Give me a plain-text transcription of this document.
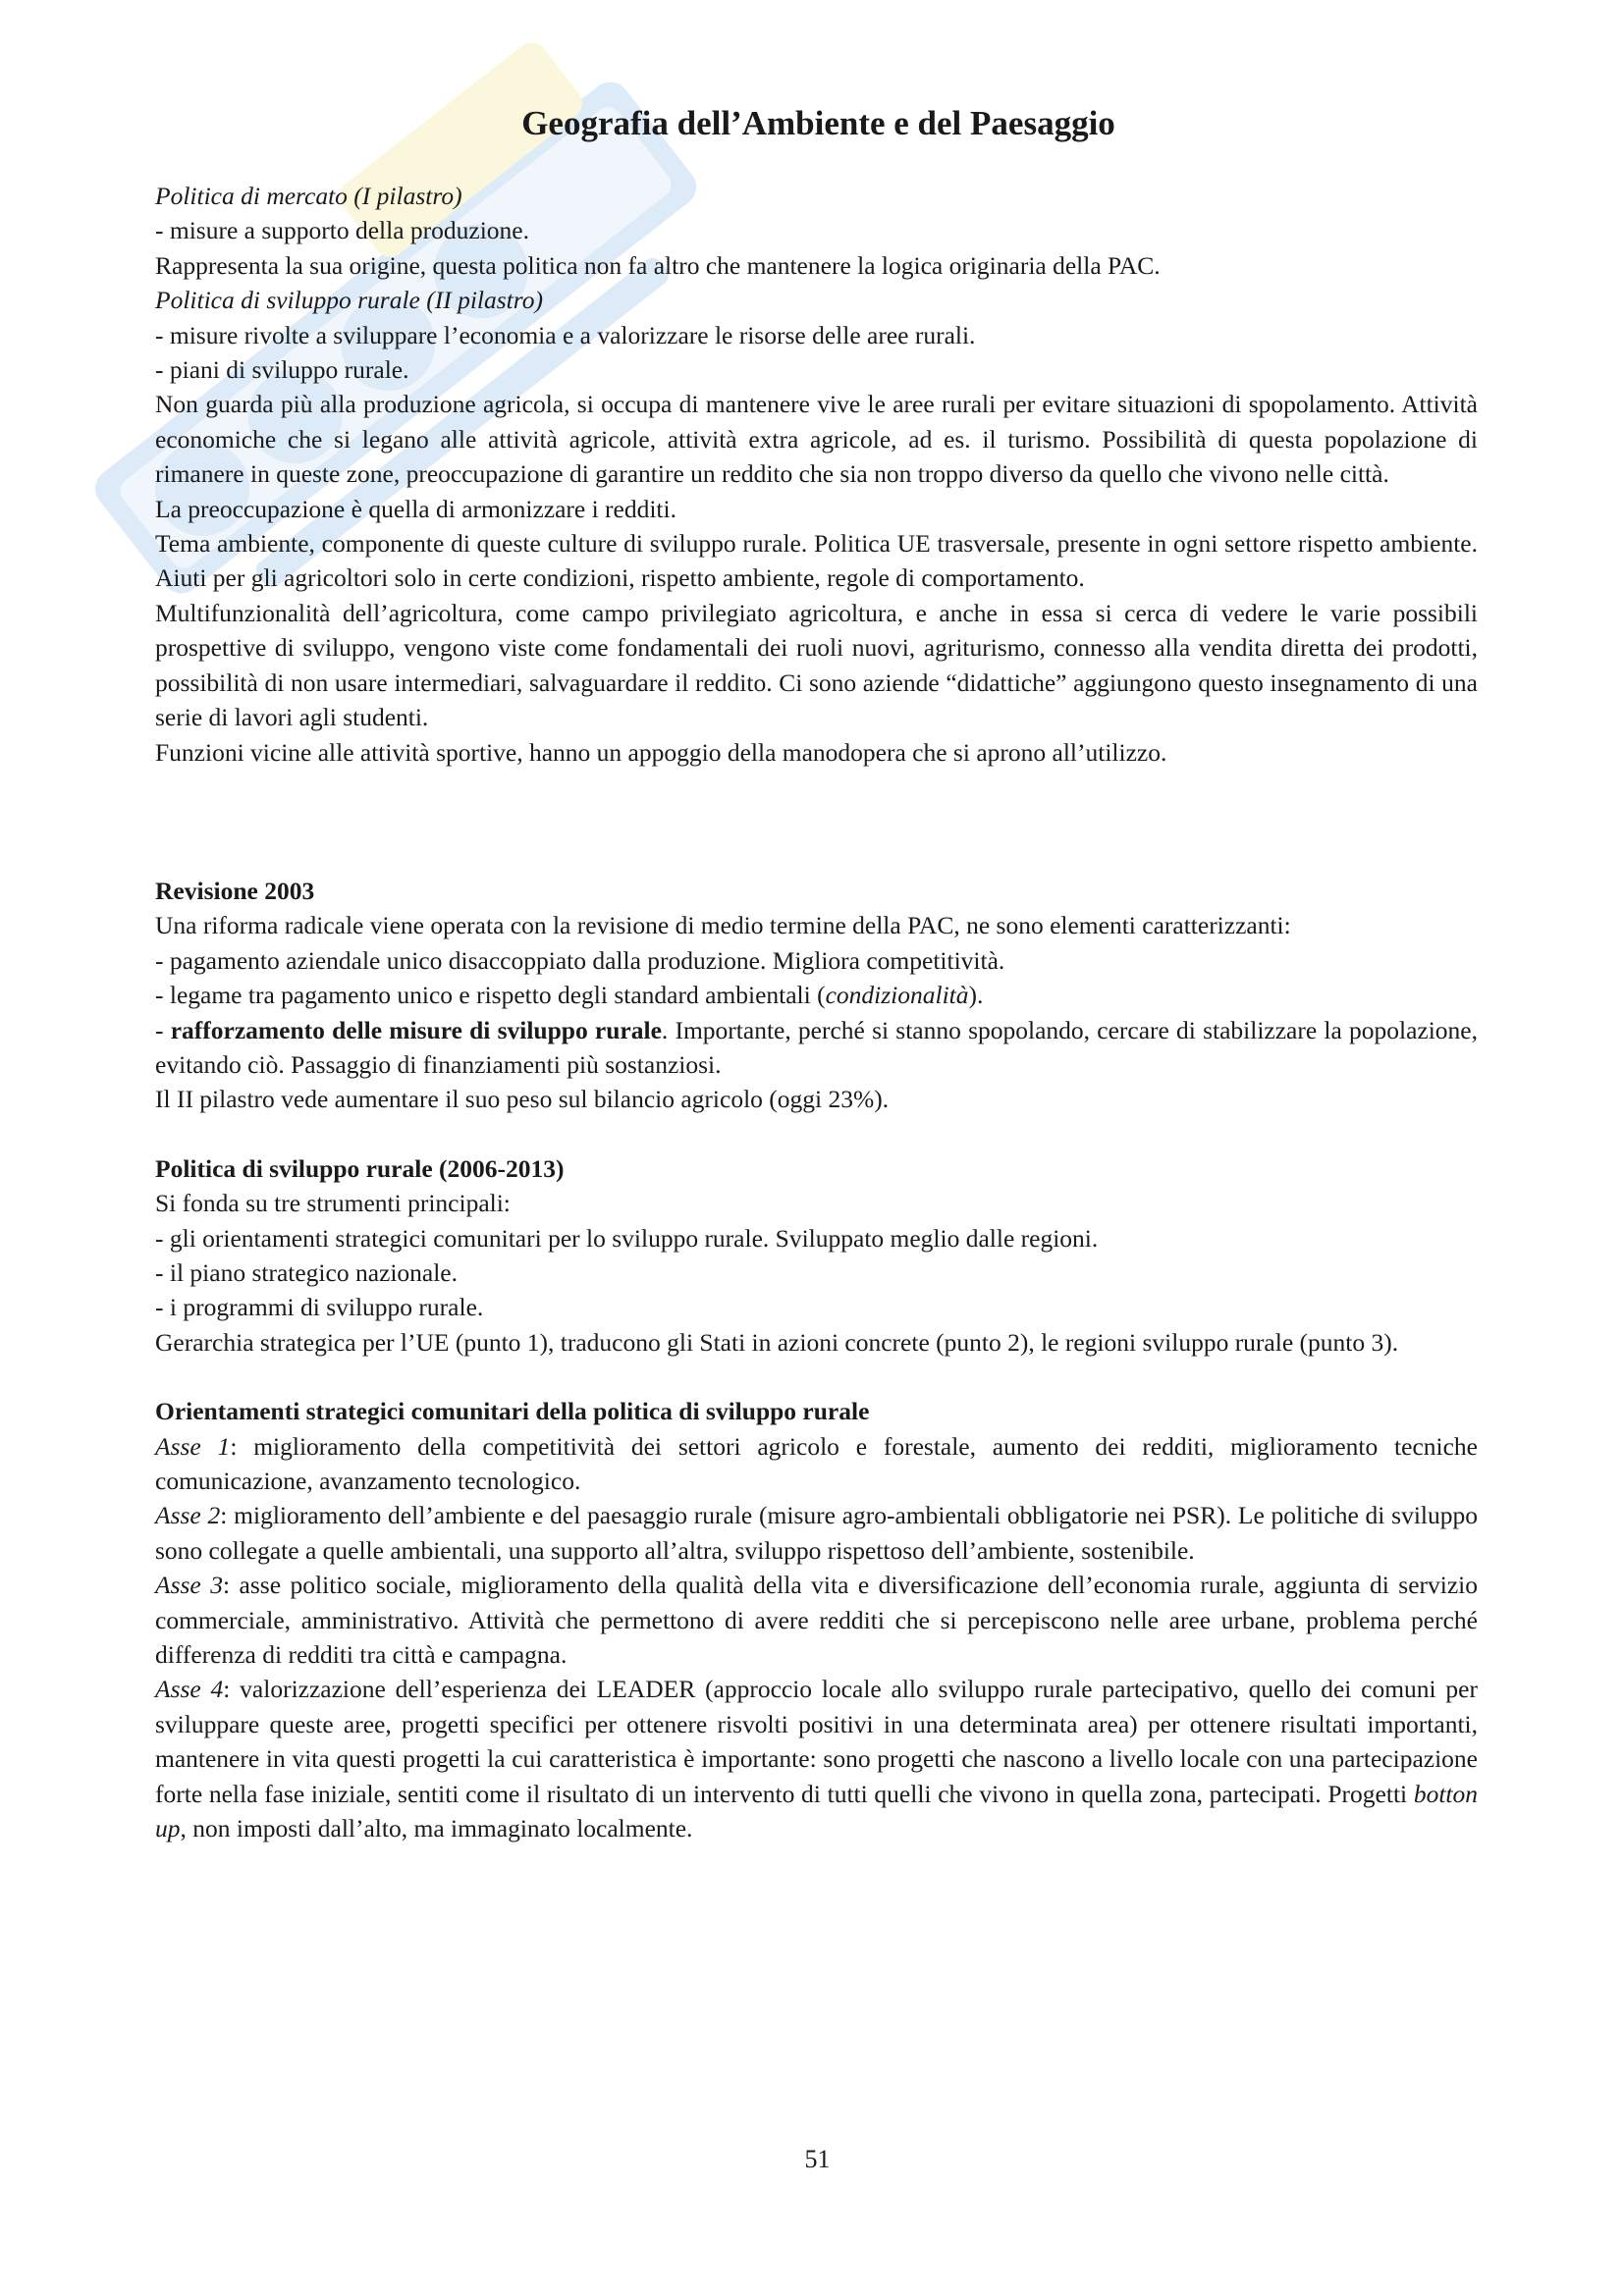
Geografia dell’Ambiente e del Paesaggio

Politica di mercato (I pilastro)

- misure a supporto della produzione.

Rappresenta la sua origine, questa politica non fa altro che mantenere la logica originaria della PAC.

Politica di sviluppo rurale (II pilastro)

- misure rivolte a sviluppare l’economia e a valorizzare le risorse delle aree rurali.

- piani di sviluppo rurale.

Non guarda più alla produzione agricola, si occupa di mantenere vive le aree rurali per evitare situazioni di spopolamento. Attività economiche che si legano alle attività agricole, attività extra agricole, ad es. il turismo. Possibilità di questa popolazione di rimanere in queste zone, preoccupazione di garantire un reddito che sia non troppo diverso da quello che vivono nelle città.

La preoccupazione è quella di armonizzare i redditi.

Tema ambiente, componente di queste culture di sviluppo rurale. Politica UE trasversale, presente in ogni settore rispetto ambiente. Aiuti per gli agricoltori solo in certe condizioni, rispetto ambiente, regole di comportamento.

Multifunzionalità dell’agricoltura, come campo privilegiato agricoltura, e anche in essa si cerca di vedere le varie possibili prospettive di sviluppo, vengono viste come fondamentali dei ruoli nuovi, agriturismo, connesso alla vendita diretta dei prodotti, possibilità di non usare intermediari, salvaguardare il reddito. Ci sono aziende “didattiche” aggiungono questo insegnamento di una serie di lavori agli studenti.

Funzioni vicine alle attività sportive, hanno un appoggio della manodopera che si aprono all’utilizzo.

Revisione 2003

Una riforma radicale viene operata con la revisione di medio termine della PAC, ne sono elementi caratterizzanti:

- pagamento aziendale unico disaccoppiato dalla produzione. Migliora competitività.

- legame tra pagamento unico e rispetto degli standard ambientali (condizionalità).

- rafforzamento delle misure di sviluppo rurale. Importante, perché si stanno spopolando, cercare di stabilizzare la popolazione, evitando ciò. Passaggio di finanziamenti più sostanziosi.

Il II pilastro vede aumentare il suo peso sul bilancio agricolo (oggi 23%).

Politica di sviluppo rurale (2006-2013)

Si fonda su tre strumenti principali:

- gli orientamenti strategici comunitari per lo sviluppo rurale. Sviluppato meglio dalle regioni.

- il piano strategico nazionale.

- i programmi di sviluppo rurale.

Gerarchia strategica per l’UE (punto 1), traducono gli Stati in azioni concrete (punto 2), le regioni sviluppo rurale (punto 3).

Orientamenti strategici comunitari della politica di sviluppo rurale

Asse 1: miglioramento della competitività dei settori agricolo e forestale, aumento dei redditi, miglioramento tecniche comunicazione, avanzamento tecnologico.

Asse 2: miglioramento dell’ambiente e del paesaggio rurale (misure agro-ambientali obbligatorie nei PSR). Le politiche di sviluppo sono collegate a quelle ambientali, una supporto all’altra, sviluppo rispettoso dell’ambiente, sostenibile.

Asse 3: asse politico sociale, miglioramento della qualità della vita e diversificazione dell’economia rurale, aggiunta di servizio commerciale, amministrativo. Attività che permettono di avere redditi che si percepiscono nelle aree urbane, problema perché differenza di redditi tra città e campagna.

Asse 4: valorizzazione dell’esperienza dei LEADER (approccio locale allo sviluppo rurale partecipativo, quello dei comuni per sviluppare queste aree, progetti specifici per ottenere risvolti positivi in una determinata area) per ottenere risultati importanti, mantenere in vita questi progetti la cui caratteristica è importante: sono progetti che nascono a livello locale con una partecipazione forte nella fase iniziale, sentiti come il risultato di un intervento di tutti quelli che vivono in quella zona, partecipati. Progetti botton up, non imposti dall’alto, ma immaginato localmente.

51
